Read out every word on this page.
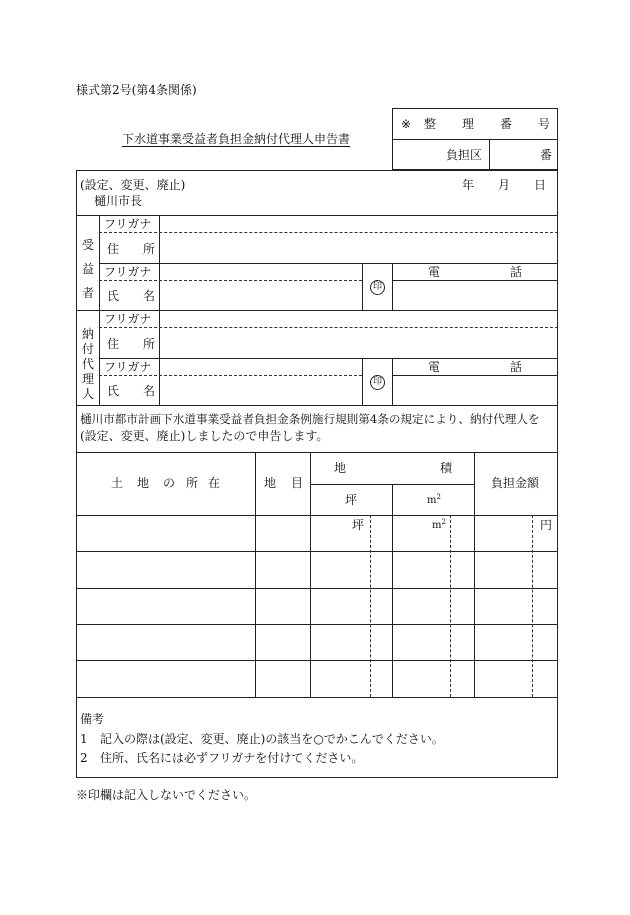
様式第2号(第4条関係)
※ 整 理 番 号
負担区	番
下水道事業受益者負担金納付代理人申告書
(設定、変更、廃止)
樋川市長
年 月 日
受益者
フリガナ
住 所
フリガナ
氏 名
印
電	話
納付代理人
フリガナ
住 所
フリガナ
氏 名
印
電	話
樋川市都市計画下水道事業受益者負担金条例施行規則第4条の規定により、納付代理人を
(設定、変更、廃止)しましたので申告します。
土 地 の 所 在	地 目
地	積
坪	$m^2$
負担金額
坪	$m^2$	円
備考
1 記入の際は(設定、変更、廃止)の該当を○でかこんでください。
2 住所、氏名には必ずフリガナを付けてください。
※印欄は記入しないでください。
